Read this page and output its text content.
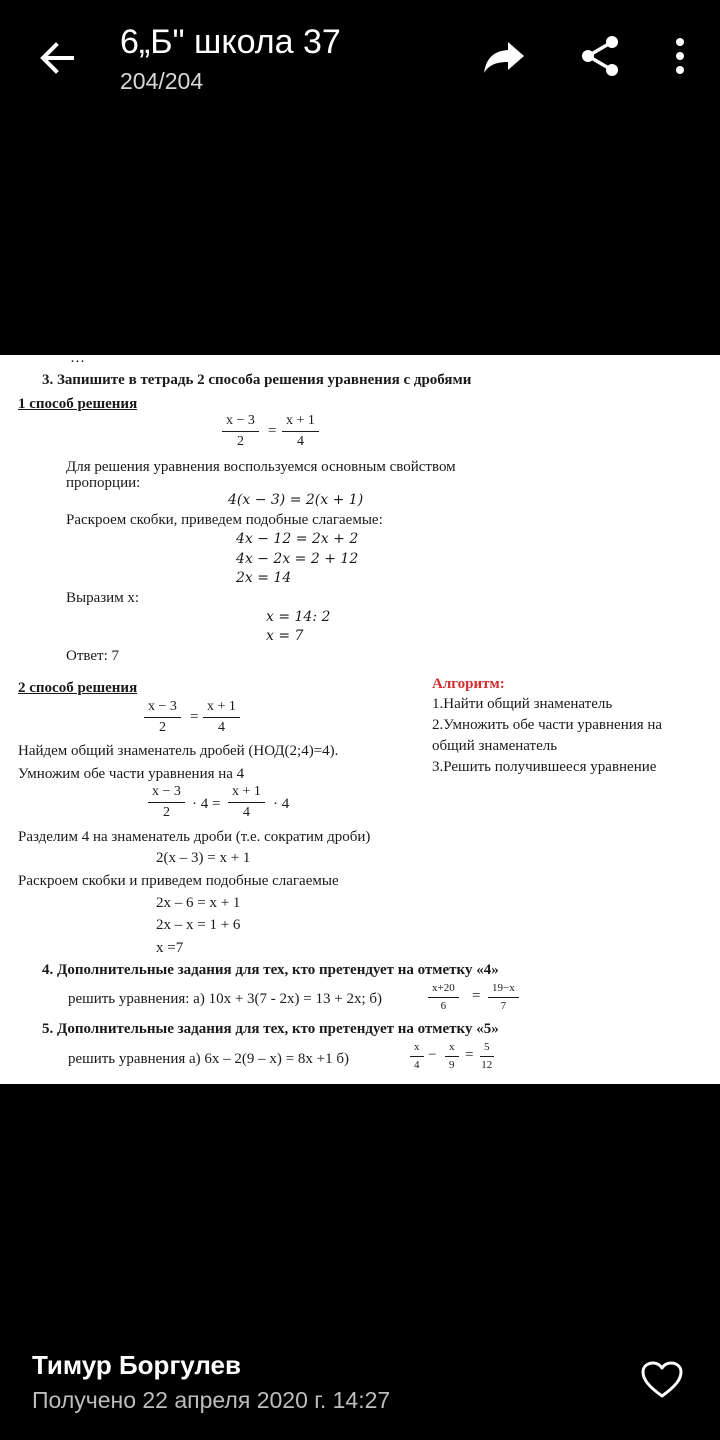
6„Б" школа 37
204/204
…
3. Запишите в тетрадь 2 способа решения уравнения с дробями
1 способ решения
x − 3
2
=
x + 1
4
Для решения уравнения воспользуемся основным свойством
пропорции:
4(x − 3) = 2(x + 1)
Раскроем скобки, приведем подобные слагаемые:
4x − 12 = 2x + 2
4x − 2x = 2 + 12
2x = 14
Выразим x:
x = 14: 2
x = 7
Ответ: 7
2 способ решения
x − 3
2
=
x + 1
4
Найдем общий знаменатель дробей (НОД(2;4)=4).
Умножим обе части уравнения на 4
x − 3
2
· 4 =
x + 1
4
· 4
Разделим 4 на знаменатель дроби (т.е. сократим дроби)
2(x – 3) = x + 1
Раскроем скобки и приведем подобные слагаемые
2x – 6 = x + 1
2x – x = 1 + 6
x =7
Алгоритм:
1.Найти общий знаменатель
2.Умножить обе части уравнения на
общий знаменатель
3.Решить получившееся уравнение
4. Дополнительные задания для тех, кто претендует на отметку «4»
решить уравнения: а) 10x + 3(7 - 2x) = 13 + 2x; б)
x+20
6
=	19−x
7
5. Дополнительные задания для тех, кто претендует на отметку «5»
решить уравнения а) 6x – 2(9 – x) = 8x +1 б)
x
4
−	x
9
= 5
12
Тимур Боргулев
Получено 22 апреля 2020 г. 14:27
